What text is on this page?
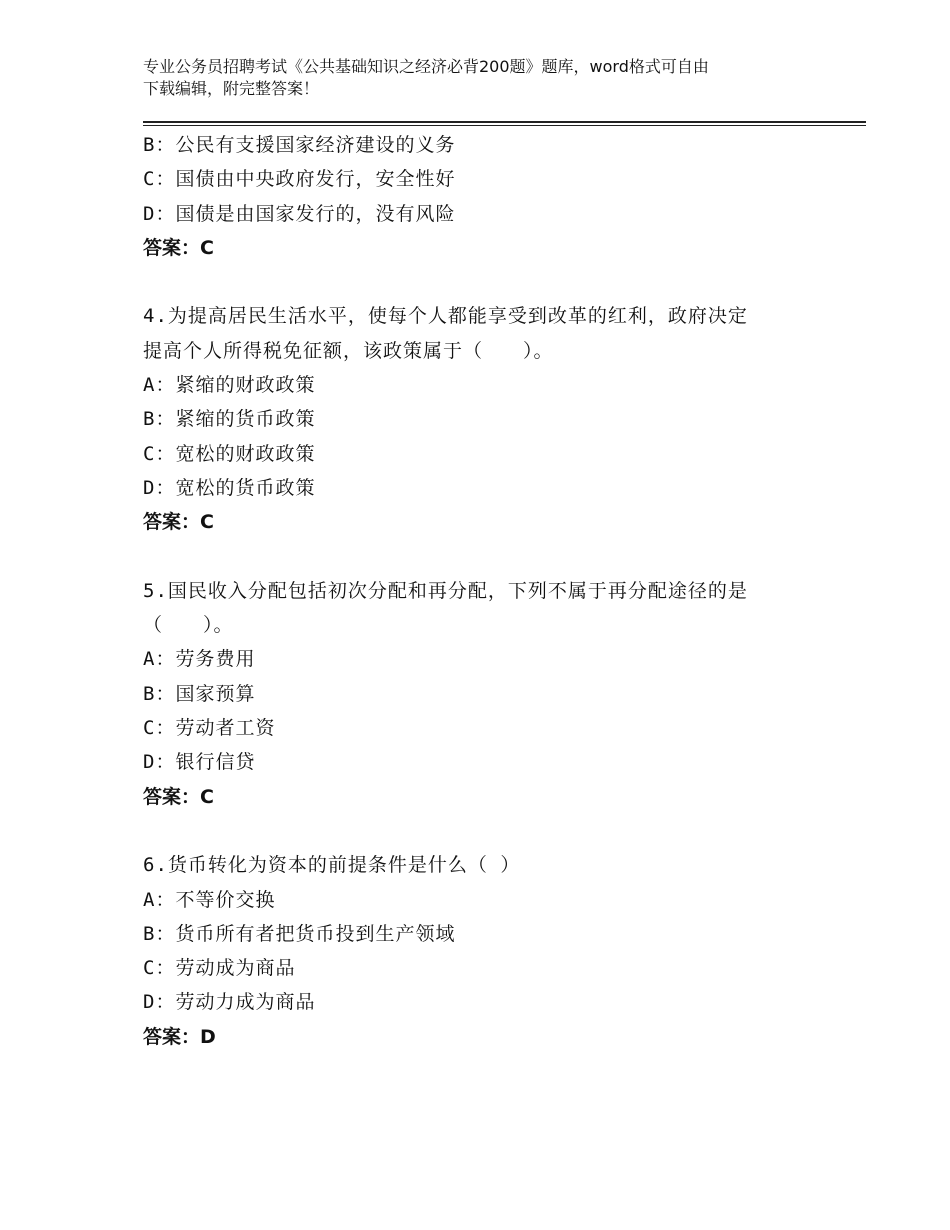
专业公务员招聘考试《公共基础知识之经济必背200题》题库，word格式可自由
下载编辑，附完整答案！
B：公民有支援国家经济建设的义务
C：国债由中央政府发行，安全性好
D：国债是由国家发行的，没有风险
答案：C
4.为提高居民生活水平，使每个人都能享受到改革的红利，政府决定
提高个人所得税免征额，该政策属于（　　）。
A：紧缩的财政政策
B：紧缩的货币政策
C：宽松的财政政策
D：宽松的货币政策
答案：C
5.国民收入分配包括初次分配和再分配，下列不属于再分配途径的是
（　　）。
A：劳务费用
B：国家预算
C：劳动者工资
D：银行信贷
答案：C
6.货币转化为资本的前提条件是什么（ ）
A：不等价交换
B：货币所有者把货币投到生产领域
C：劳动成为商品
D：劳动力成为商品
答案：D
